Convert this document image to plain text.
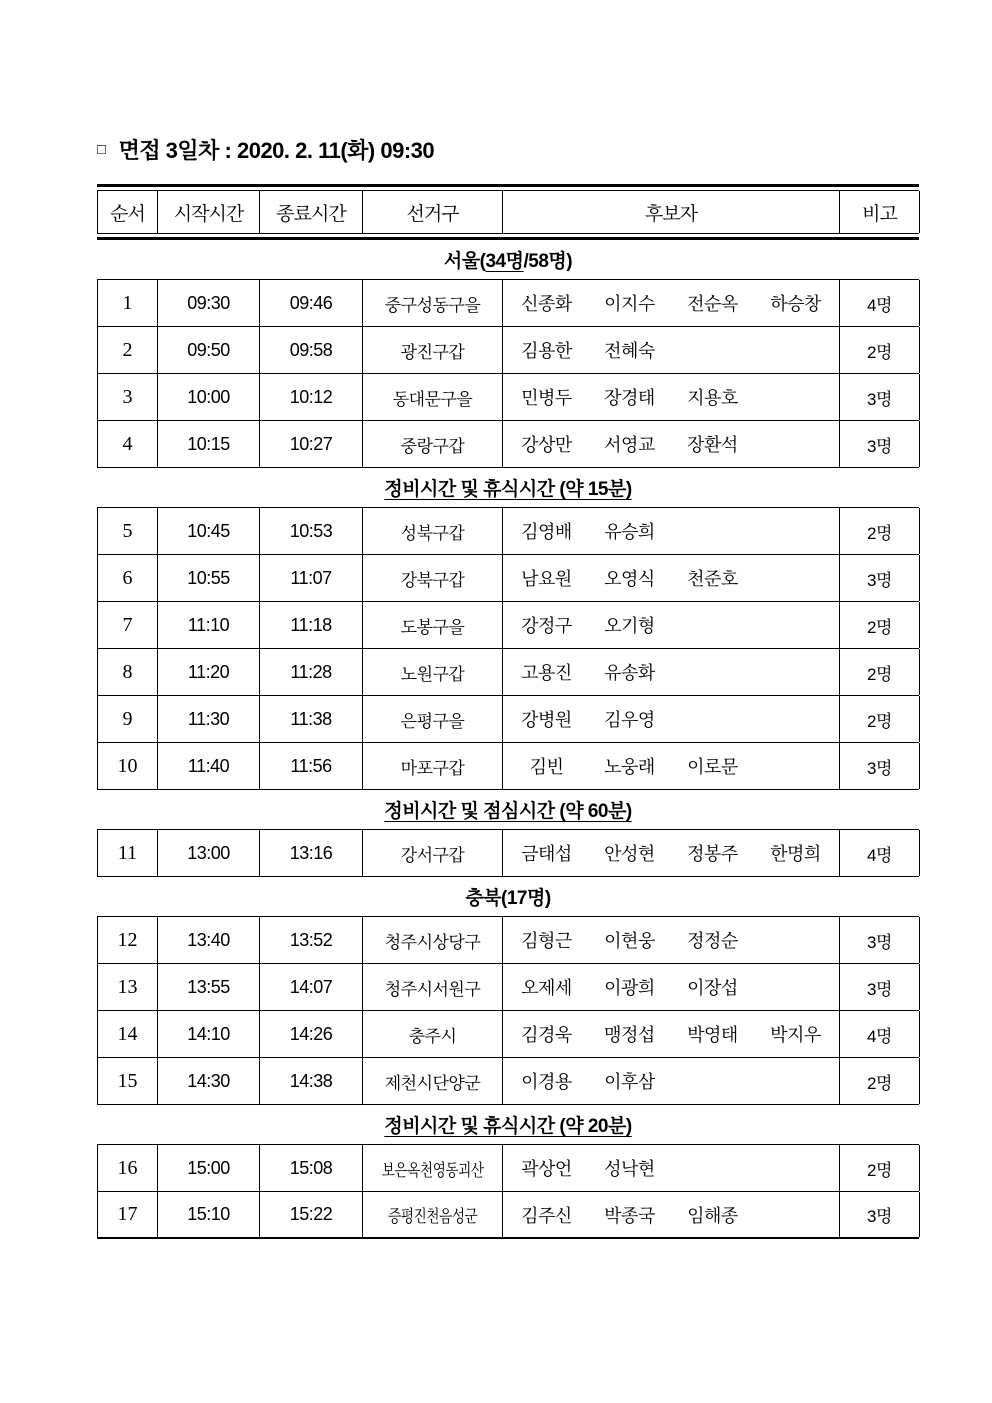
□ 면접 3일차 : 2020. 2. 11(화) 09:30
순서	시작시간	종료시간	선거구	후보자	비고
서울( 34명 /58명)
1	09:30	09:46	중구성동구을	신종화	이지수	전순옥	하승창	4명
2	09:50	09:58	광진구갑	김용한	전혜숙	2명
3	10:00	10:12	동대문구을	민병두	장경태	지용호	3명
4	10:15	10:27	중랑구갑	강상만	서영교	장환석	3명
정비시간 및 휴식시간 (약 15분)
5	10:45	10:53	성북구갑	김영배	유승희	2명
6	10:55	11:07	강북구갑	남요원	오영식	천준호	3명
7	11:10	11:18	도봉구을	강정구	오기형	2명
8	11:20	11:28	노원구갑	고용진	유송화	2명
9	11:30	11:38	은평구을	강병원	김우영	2명
10	11:40	11:56	마포구갑	김빈	노웅래	이로문	3명
정비시간 및 점심시간 (약 60분)
11	13:00	13:16	강서구갑	금태섭	안성현	정봉주	한명희	4명
충북(17명)
12	13:40	13:52	청주시상당구	김형근	이현웅	정정순	3명
13	13:55	14:07	청주시서원구	오제세	이광희	이장섭	3명
14	14:10	14:26	충주시	김경욱	맹정섭	박영태	박지우	4명
15	14:30	14:38	제천시단양군	이경용	이후삼	2명
정비시간 및 휴식시간 (약 20분)
16	15:00	15:08	보은옥천영동괴산	곽상언	성낙현	2명
17	15:10	15:22	증평진천음성군	김주신	박종국	임해종	3명
